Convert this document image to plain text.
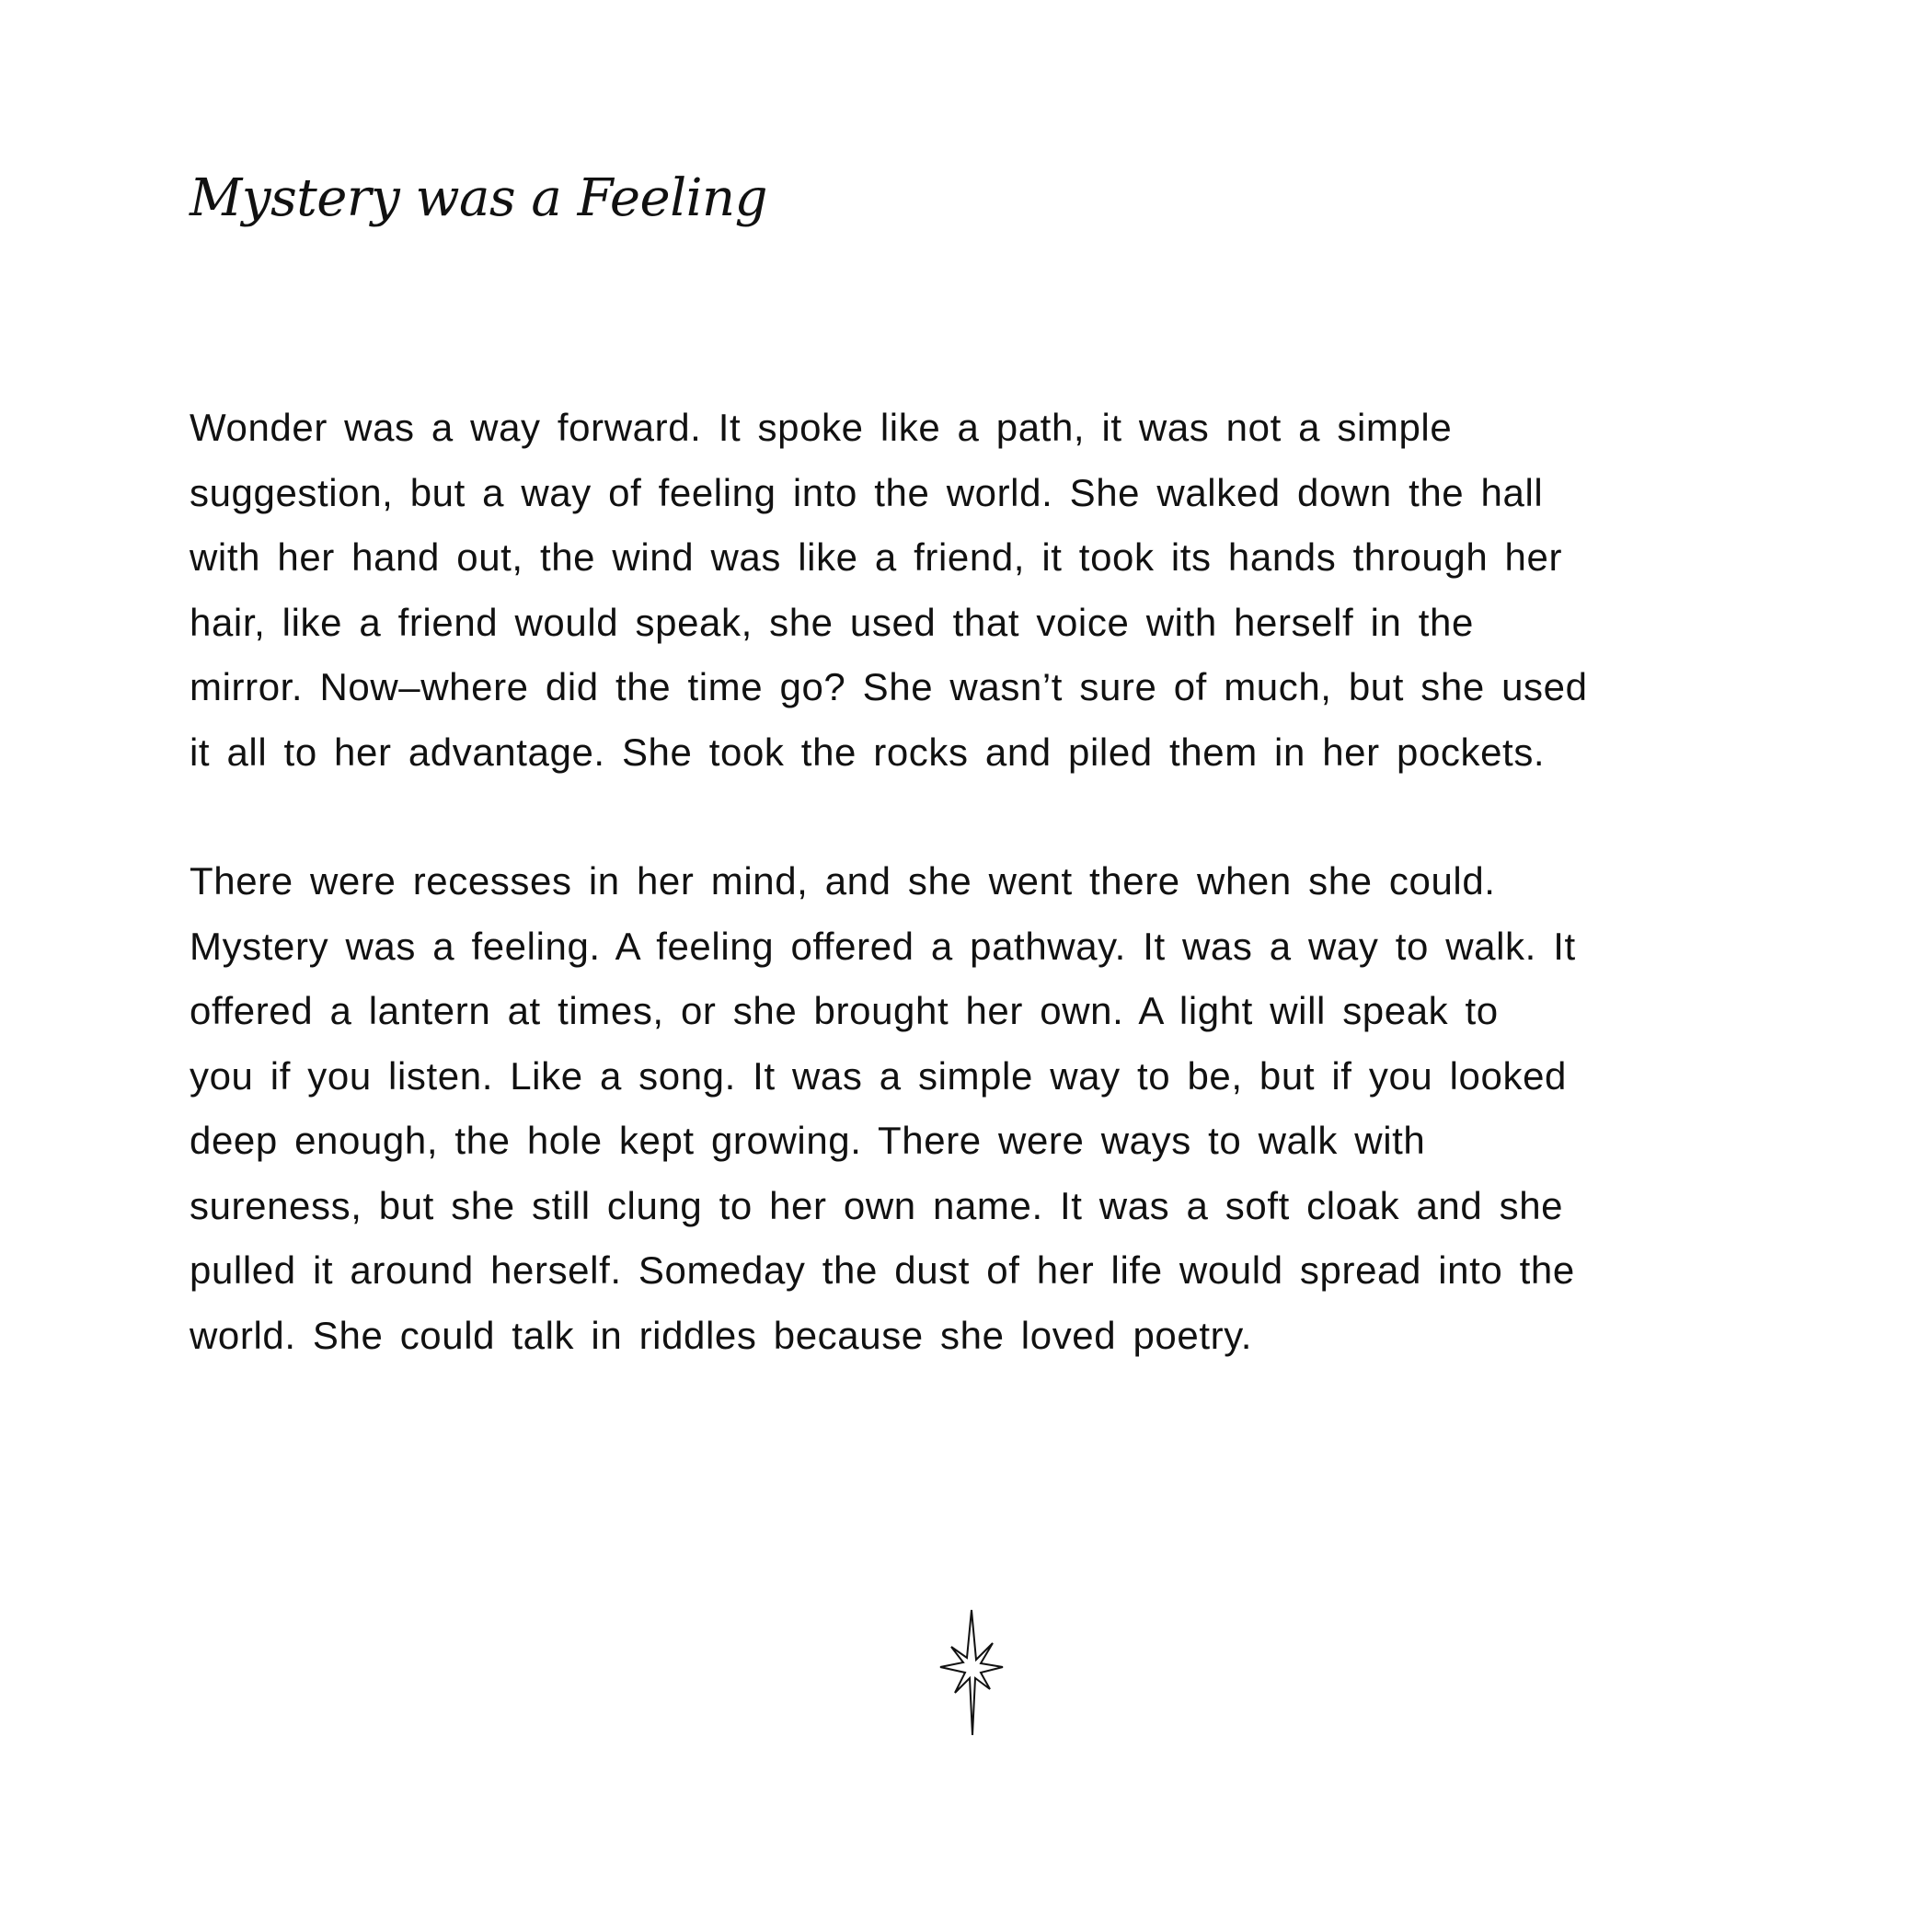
Mystery was a Feeling

Wonder was a way forward. It spoke like a path, it was not a simple
suggestion, but a way of feeling into the world. She walked down the hall
with her hand out, the wind was like a friend, it took its hands through her
hair, like a friend would speak, she used that voice with herself in the
mirror. Now–where did the time go? She wasn’t sure of much, but she used
it all to her advantage. She took the rocks and piled them in her pockets.

There were recesses in her mind, and she went there when she could.
Mystery was a feeling. A feeling offered a pathway. It was a way to walk. It
offered a lantern at times, or she brought her own. A light will speak to
you if you listen. Like a song. It was a simple way to be, but if you looked
deep enough, the hole kept growing. There were ways to walk with
sureness, but she still clung to her own name. It was a soft cloak and she
pulled it around herself. Someday the dust of her life would spread into the
world. She could talk in riddles because she loved poetry.
